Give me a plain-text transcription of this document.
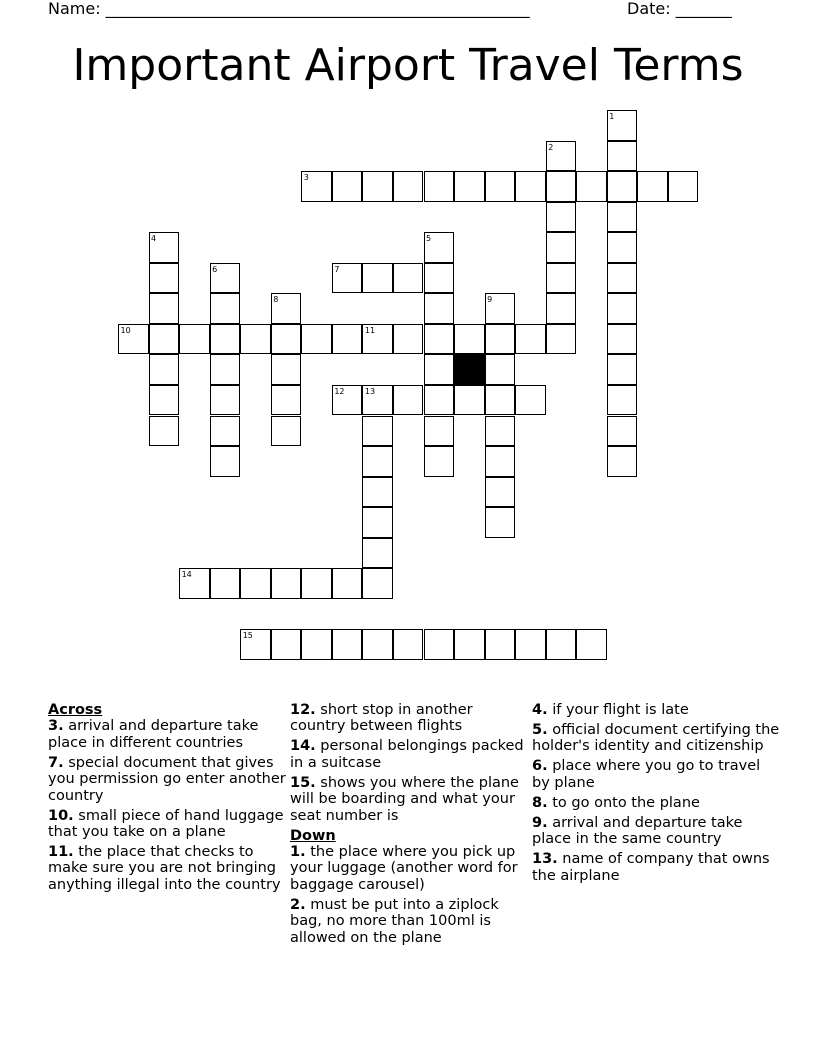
Name: _____________________________________________________	Date: _______
Important Airport Travel Terms
1
2
3
4	5
6	7
8	9
10	11
12	13
14
15

Across

3. arrival and departure take place in different countries

7. special document that gives you permission go enter another country

10. small piece of hand luggage that you take on a plane

11. the place that checks to make sure you are not bringing anything illegal into the country

12. short stop in another country between flights

14. personal belongings packed in a suitcase

15. shows you where the plane will be boarding and what your seat number is

Down

1. the place where you pick up your luggage (another word for baggage carousel)

2. must be put into a ziplock bag, no more than 100ml is allowed on the plane

4. if your flight is late

5. official document certifying the holder's identity and citizenship

6. place where you go to travel by plane

8. to go onto the plane

9. arrival and departure take place in the same country

13. name of company that owns the airplane
